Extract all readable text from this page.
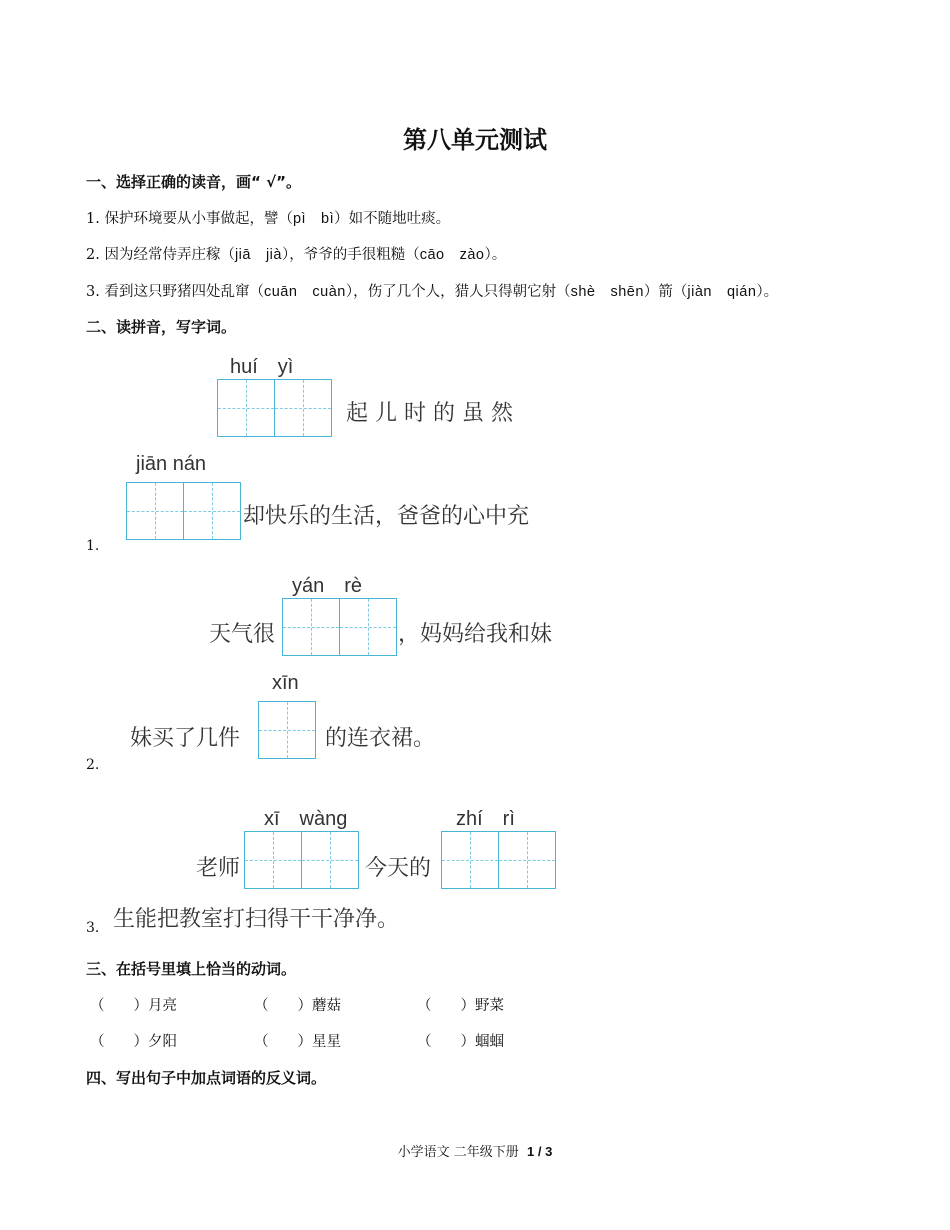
第八单元测试
一、选择正确的读音，画“ √”。
1. 保护环境要从小事做起，譬（pì　bì）如不随地吐痰。
2. 因为经常侍弄庄稼（jiā　jià），爷爷的手很粗糙（cāo　zào）。
3. 看到这只野猪四处乱窜（cuān　cuàn），伤了几个人，猎人只得朝它射（shè　shēn）箭（jiàn　qián）。
二、读拼音，写字词。
huí　yì
起 儿 时 的 虽 然
jiān nán
却快乐的生活，爸爸的心中充
1.
yán　rè
天气很	，妈妈给我和妹
xīn
妹买了几件	的连衣裙。
2.
xī　wàng
老师	今天的
zhí　rì
生能把教室打扫得干干净净。
3.
三、在括号里填上恰当的动词。
（　　）月亮	（　　）蘑菇	（　　）野菜
（　　）夕阳	（　　）星星	（　　）蝈蝈
四、写出句子中加点词语的反义词。
小学语文 二年级下册 1 / 3
